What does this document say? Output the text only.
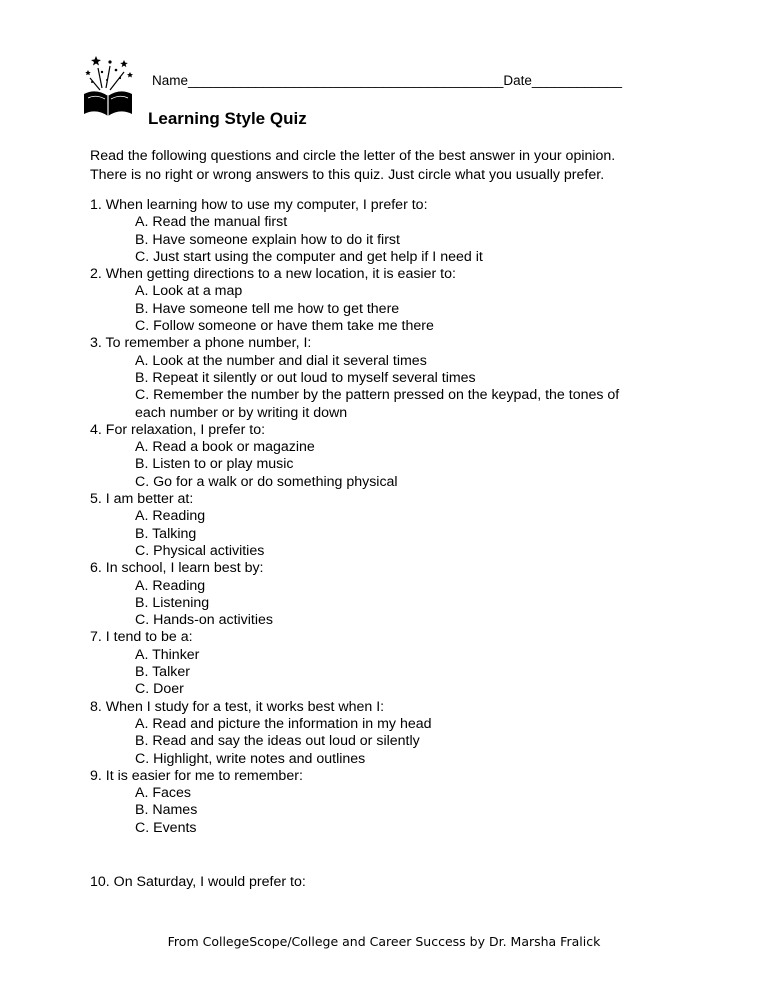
Name__________________________________________Date____________
Learning Style Quiz
Read the following questions and circle the letter of the best answer in your opinion.
There is no right or wrong answers to this quiz. Just circle what you usually prefer.
1. When learning how to use my computer, I prefer to:
A. Read the manual first
B. Have someone explain how to do it first
C. Just start using the computer and get help if I need it
2. When getting directions to a new location, it is easier to:
A. Look at a map
B. Have someone tell me how to get there
C. Follow someone or have them take me there
3. To remember a phone number, I:
A. Look at the number and dial it several times
B. Repeat it silently or out loud to myself several times
C. Remember the number by the pattern pressed on the keypad, the tones of
each number or by writing it down
4. For relaxation, I prefer to:
A. Read a book or magazine
B. Listen to or play music
C. Go for a walk or do something physical
5. I am better at:
A. Reading
B. Talking
C. Physical activities
6. In school, I learn best by:
A. Reading
B. Listening
C. Hands-on activities
7. I tend to be a:
A. Thinker
B. Talker
C. Doer
8. When I study for a test, it works best when I:
A. Read and picture the information in my head
B. Read and say the ideas out loud or silently
C. Highlight, write notes and outlines
9. It is easier for me to remember:
A. Faces
B. Names
C. Events
10. On Saturday, I would prefer to:
From CollegeScope/College and Career Success by Dr. Marsha Fralick
